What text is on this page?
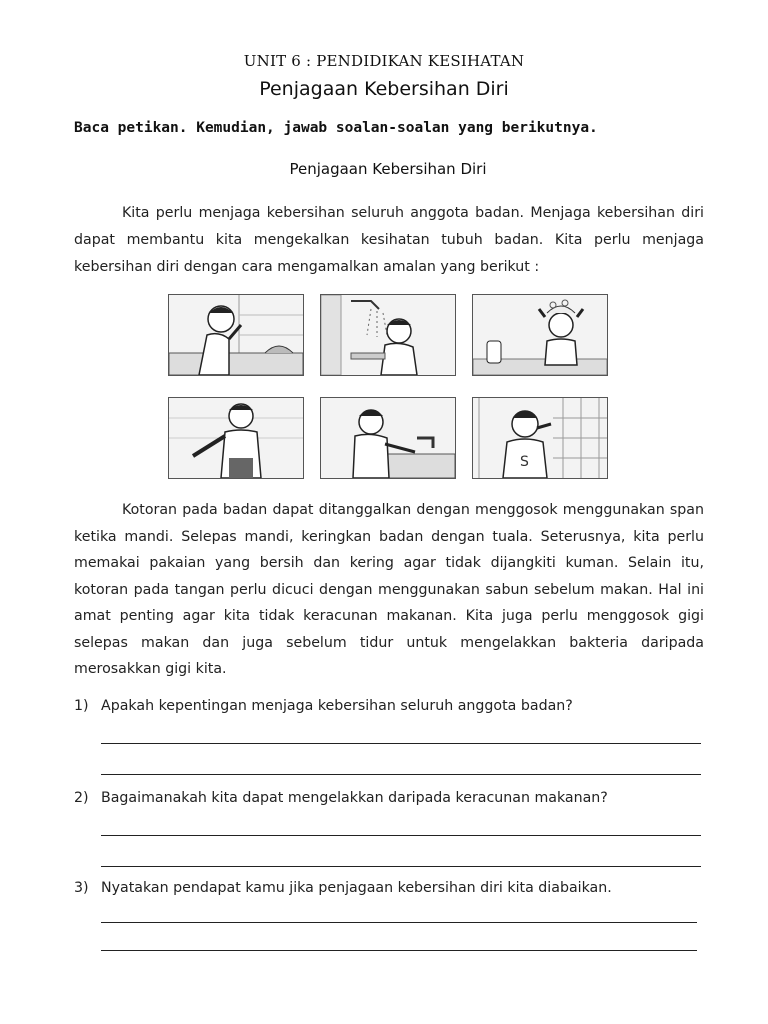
UNIT 6 : PENDIDIKAN KESIHATAN
Penjagaan Kebersihan Diri
Baca petikan. Kemudian, jawab soalan-soalan yang berikutnya.
Penjagaan Kebersihan Diri
Kita perlu menjaga kebersihan seluruh anggota badan. Menjaga kebersihan diri dapat membantu kita mengekalkan kesihatan tubuh badan. Kita perlu menjaga kebersihan diri dengan cara mengamalkan amalan yang berikut :
S
Kotoran pada badan dapat ditanggalkan dengan menggosok menggunakan span ketika mandi. Selepas mandi, keringkan badan dengan tuala. Seterusnya, kita perlu memakai pakaian yang bersih dan kering agar tidak dijangkiti kuman. Selain itu, kotoran pada tangan perlu dicuci dengan menggunakan sabun sebelum makan. Hal ini amat penting agar kita tidak keracunan makanan. Kita juga perlu menggosok gigi selepas makan dan juga sebelum tidur untuk mengelakkan bakteria daripada merosakkan gigi kita.
1) Apakah kepentingan menjaga kebersihan seluruh anggota badan?
2) Bagaimanakah kita dapat mengelakkan daripada keracunan makanan?
3) Nyatakan pendapat kamu jika penjagaan kebersihan diri kita diabaikan.
